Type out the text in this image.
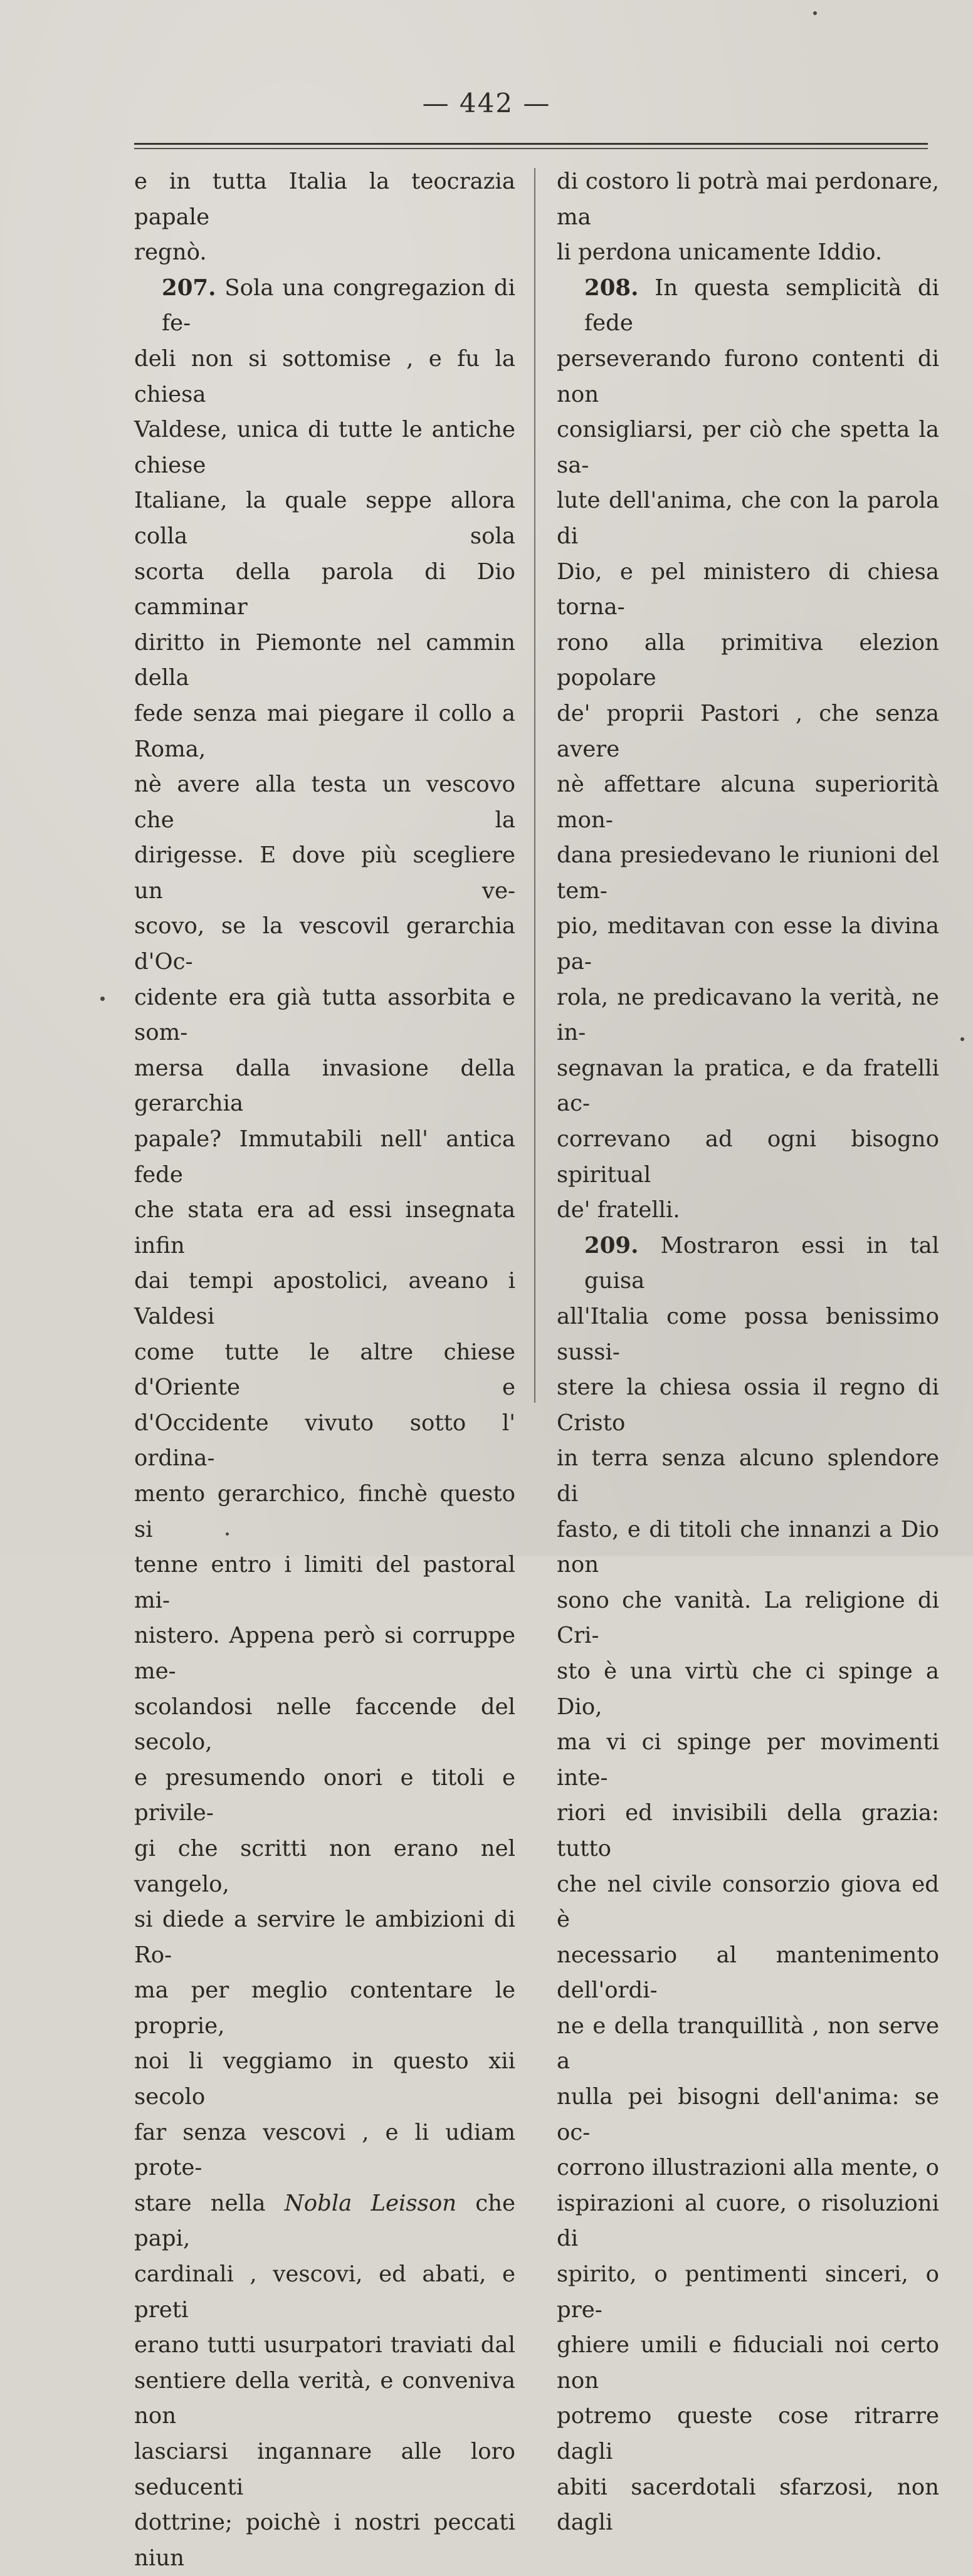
— 442 —
e in tutta Italia la teocrazia papale
regnò.
207. Sola una congregazion di fe-
deli non si sottomise , e fu la chiesa
Valdese, unica di tutte le antiche chiese
Italiane, la quale seppe allora colla sola
scorta della parola di Dio camminar
diritto in Piemonte nel cammin della
fede senza mai piegare il collo a Roma,
nè avere alla testa un vescovo che la
dirigesse. E dove più scegliere un ve-
scovo, se la vescovil gerarchia d'Oc-
cidente era già tutta assorbita e som-
mersa dalla invasione della gerarchia
papale? Immutabili nell' antica fede
che stata era ad essi insegnata infin
dai tempi apostolici, aveano i Valdesi
come tutte le altre chiese d'Oriente e
d'Occidente vivuto sotto l' ordina-
mento gerarchico, finchè questo si
tenne entro i limiti del pastoral mi-
nistero. Appena però si corruppe me-
scolandosi nelle faccende del secolo,
e presumendo onori e titoli e privile-
gi che scritti non erano nel vangelo,
si diede a servire le ambizioni di Ro-
ma per meglio contentare le proprie,
noi li veggiamo in questo xii secolo
far senza vescovi , e li udiam prote-
stare nella Nobla Leisson che papi,
cardinali , vescovi, ed abati, e preti
erano tutti usurpatori traviati dal
sentiere della verità, e conveniva non
lasciarsi ingannare alle loro seducenti
dottrine; poichè i nostri peccati niun
di costoro li potrà mai perdonare, ma
li perdona unicamente Iddio.
208. In questa semplicità di fede
perseverando furono contenti di non
consigliarsi, per ciò che spetta la sa-
lute dell'anima, che con la parola di
Dio, e pel ministero di chiesa torna-
rono alla primitiva elezion popolare
de' proprii Pastori , che senza avere
nè affettare alcuna superiorità mon-
dana presiedevano le riunioni del tem-
pio, meditavan con esse la divina pa-
rola, ne predicavano la verità, ne in-
segnavan la pratica, e da fratelli ac-
correvano ad ogni bisogno spiritual
de' fratelli.
209. Mostraron essi in tal guisa
all'Italia come possa benissimo sussi-
stere la chiesa ossia il regno di Cristo
in terra senza alcuno splendore di
fasto, e di titoli che innanzi a Dio non
sono che vanità. La religione di Cri-
sto è una virtù che ci spinge a Dio,
ma vi ci spinge per movimenti inte-
riori ed invisibili della grazia: tutto
che nel civile consorzio giova ed è
necessario al mantenimento dell'ordi-
ne e della tranquillità , non serve a
nulla pei bisogni dell'anima: se oc-
corrono illustrazioni alla mente, o
ispirazioni al cuore, o risoluzioni di
spirito, o pentimenti sinceri, o pre-
ghiere umili e fiduciali noi certo non
potremo queste cose ritrarre dagli
abiti sacerdotali sfarzosi, non dagli
